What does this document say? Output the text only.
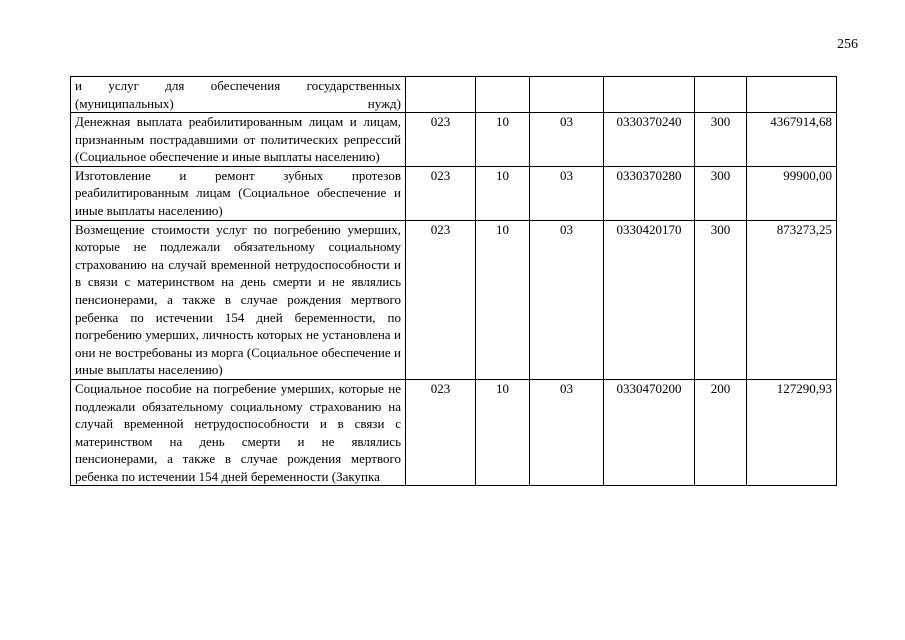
256
и услуг для обеспечения государственных (муниципальных) нужд)						

Денежная выплата реабилитированным лицам и лицам, признанным пострадавшими от политических репрессий (Социальное обеспечение и иные выплаты населению)	023	10	03	0330370240	300	4367914,68
Изготовление и ремонт зубных протезов реабилитированным лицам (Социальное обеспечение и иные выплаты населению)	023	10	03	0330370280	300	99900,00
Возмещение стоимости услуг по погребению умерших, которые не подлежали обязательному социальному страхованию на случай временной нетрудоспособности и в связи с материнством на день смерти и не являлись пенсионерами, а также в случае рождения мертвого ребенка по истечении 154 дней беременности, по погребению умерших, личность которых не установлена и они не востребованы из морга (Социальное обеспечение и иные выплаты населению)	023	10	03	0330420170	300	873273,25
Социальное пособие на погребение умерших, которые не подлежали обязательному социальному страхованию на случай временной нетрудоспособности и в связи с материнством на день смерти и не являлись пенсионерами, а также в случае рождения мертвого ребенка по истечении 154 дней беременности (Закупка	023	10	03	0330470200	200	127290,93
